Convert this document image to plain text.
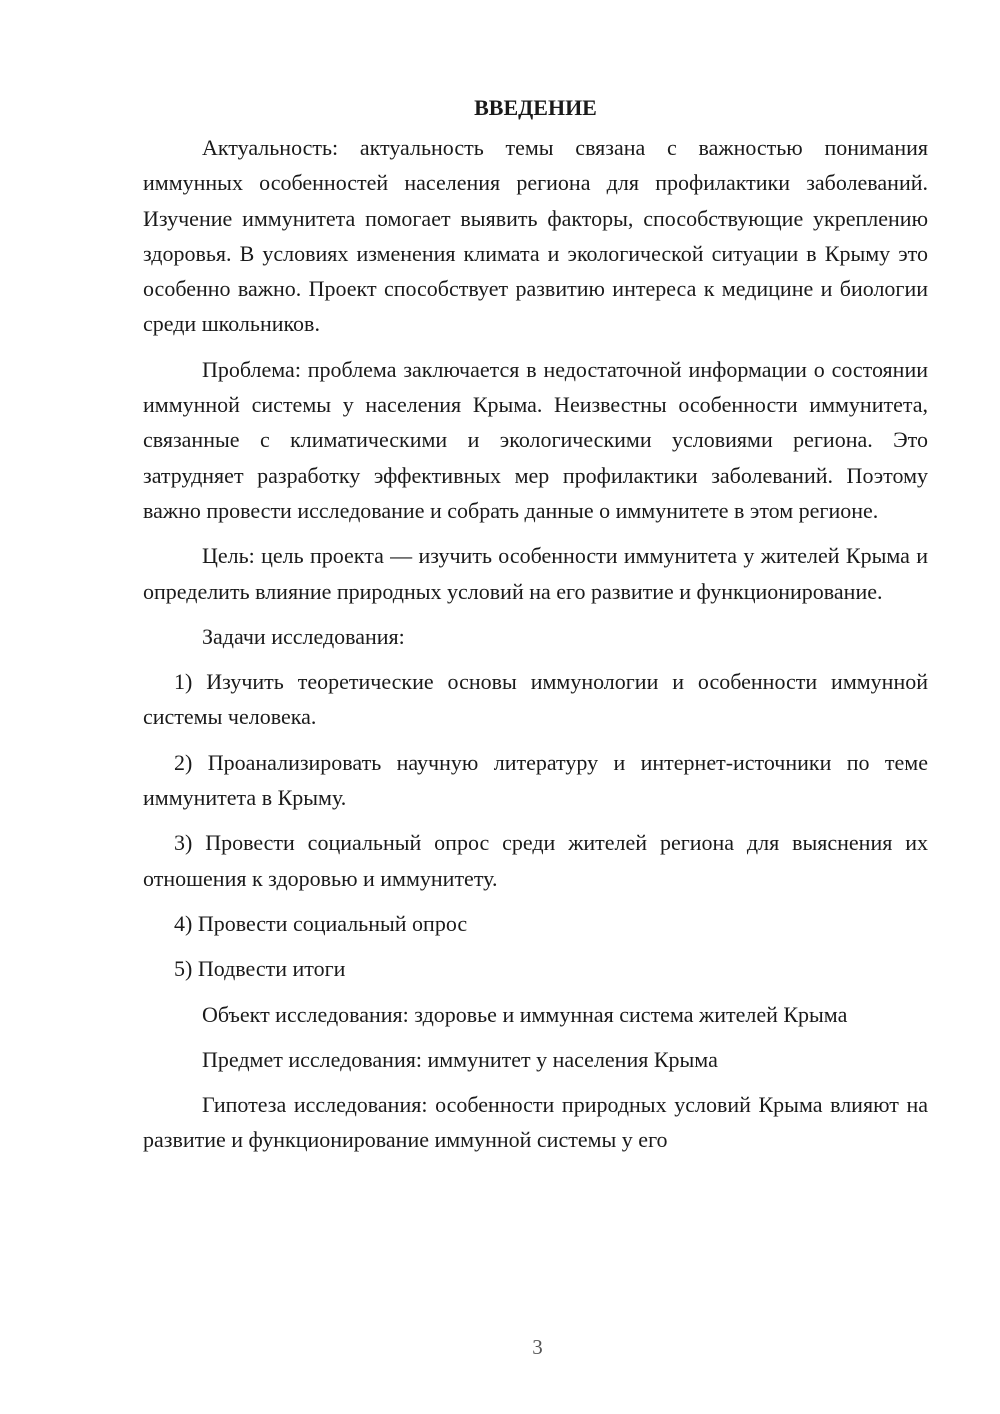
ВВЕДЕНИЕ

Актуальность: актуальность темы связана с важностью понимания иммунных особенностей населения региона для профилактики заболеваний. Изучение иммунитета помогает выявить факторы, способствующие укреплению здоровья. В условиях изменения климата и экологической ситуации в Крыму это особенно важно. Проект способствует развитию интереса к медицине и биологии среди школьников.

Проблема: проблема заключается в недостаточной информации о состоянии иммунной системы у населения Крыма. Неизвестны особенности иммунитета, связанные с климатическими и экологическими условиями региона. Это затрудняет разработку эффективных мер профилактики заболеваний. Поэтому важно провести исследование и собрать данные о иммунитете в этом регионе.

Цель: цель проекта — изучить особенности иммунитета у жителей Крыма и определить влияние природных условий на его развитие и функционирование.

Задачи исследования:

1) Изучить теоретические основы иммунологии и особенности иммунной системы человека.

2) Проанализировать научную литературу и интернет-источники по теме иммунитета в Крыму.

3) Провести социальный опрос среди жителей региона для выяснения их отношения к здоровью и иммунитету.

4) Провести социальный опрос

5) Подвести итоги

Объект исследования: здоровье и иммунная система жителей Крыма

Предмет исследования: иммунитет у населения Крыма

Гипотеза исследования: особенности природных условий Крыма влияют на развитие и функционирование иммунной системы у его

3
